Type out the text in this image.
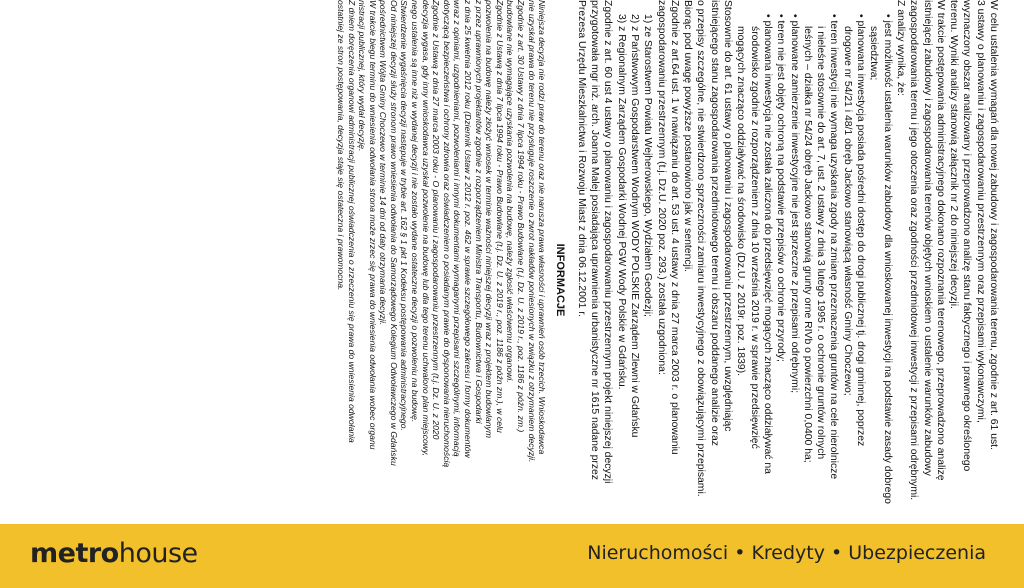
W celu ustalenia wymagań dla nowej zabudowy i zagospodarowania terenu, zgodnie z art. 61 ust.

3 ustawy o planowaniu i zagospodarowaniu przestrzennym oraz przepisami wykonawczymi,

wyznaczony obszar analizowany i przeprowadzono analizę stanu faktycznego i prawnego określonego

terenu. Wyniki analizy stanowią załącznik nr 2 do niniejszej decyzji.

W trakcie postępowania administracyjnego dokonano rozpoznania terenowego, przeprowadzono analizę

istniejącej zabudowy i zagospodarowania terenów objętych wnioskiem o ustalenie warunków zabudowy

zagospodarowania terenu i jego otoczenia oraz zgodności przedmiotowej inwestycji z przepisami odrębnymi.

Z analizy wynika, że:

• jest możliwość ustalenia warunków zabudowy dla wnioskowanej inwestycji na podstawie zasady dobrego

sąsiedztwa;

• planowana inwestycja posiada pośredni dostęp do drogi publicznej tj. drogi gminnej, poprzez

drogowe nr 54/21 i 48/1 obręb Jackowo stanowiącą własność Gminy Choczewo;

• teren inwestycji nie wymaga uzyskania zgody na zmianę przeznaczenia gruntów na cele nierolnicze

i nieleśne stosownie do art. 7, ust. 2 ustawy z dnia 3 lutego 1995 r. o ochronie gruntów rolnych

leśnych – działka nr 54/24 obręb Jackowo stanowią grunty orne RIVb o powierzchni 0,0400 ha;

• planowane zamierzenie inwestycyjne nie jest sprzeczne z przepisami odrębnymi;

• teren nie jest objęty ochroną na podstawie przepisów o ochronie przyrody;

• planowana inwestycja nie została zaliczona do przedsięwzięć mogących znacząco oddziaływać na

środowisko zgodnie z rozporządzeniem z dnia 10 września 2019 r. w sprawie przedsięwzięć

mogących znacząco oddziaływać na środowisko (Dz.U. z 2019r. poz. 1839).

Stosownie do art. 61 ustawy o planowaniu i zagospodarowaniu przestrzennym, uwzględniając

istniejącego stanu zagospodarowania przedmiotowego terenu i obszaru poddanego analizie oraz

o przepisy szczególne, nie stwierdzono sprzeczności zamiaru inwestycyjnego z obowiązującymi przepisami.

Biorąc pod uwagę powyższe postanowiono jak w sentencji.

Zgodnie z art.64 ust. 1 w nawiązaniu do art. 53 ust. 4 ustawy z dnia 27 marca 2003 r. o planowaniu

zagospodarowaniu przestrzennym (t.j. Dz.U. 2020 poz. 293.) została uzgodniona:

1) ze Starostwem Powiatu Wejherowskiego, Wydziałem Geodezji;

2) z Państwowym Gospodarstwem Wodnym WODY POLSKIE Zarządem Zlewni w Gdańsku

3) z Regionalnym Zarządem Gospodarki Wodnej PGW Wody Polskie w Gdańsku.

Zgodnie z art. 60 ust 4 ustawy o planowaniu i zagospodarowaniu przestrzennym projekt niniejszej decyzji

przygotowała mgr inż. arch. Joanna Malej posiadająca uprawnienia urbanistyczne nr 1615 nadane przez

Prezesa Urzędu Mieszkalnictwa i Rozwoju Miast z dnia 06.12.2001 r.

INFORMACJE

Niniejsza decyzja nie rodzi praw do terenu oraz nie narusza prawa własności i uprawnień osób trzecich. Wnioskodawca

nie uzyskał prawa do terenu nie przysługuje roszczenie o zwrot nakładów poniesionych w związku z otrzymaniem decyzji.

Zgodnie z art. 30 Ustawy z dnia 7 lipca 1994 roku - Prawo Budowlane (t.j. Dz. U. z 2019 r., poz. 1186 z późn. zm.)

budowlane nie wymagające uzyskania pozwolenia na budowę, należy zgłosić właściwemu organowi.

Zgodnie z Ustawą z dnia 7 lipca 1994 roku - Prawo Budowlane (t.j. Dz. U. z 2019 r., poz. 1186 z późn zm.), w celu

pozwolenia na budowę należy złożyć wniosek w terminie ważności niniejszej decyzji wraz z projektem budowlanym

z przez uprawnionych projektantów zgodnie z rozporządzeniem Ministra Transportu, Budownictwa i Gospodarki

z dnia 25 kwietnia 2012 roku (Dziennik Ustaw z 2012 r. poz. 462 w sprawie szczegółowego zakresu i formy dokumentów

wraz z opiniami, uzgodnieniami, pozwoleniami i innymi dokumentami wymaganymi przepisami szczególnymi, informacją

dotyczącą bezpieczeństwa i ochrony zdrowia oraz oświadczeniem o posiadanym prawie do dysponowania nieruchomością

Zgodnie z Ustawą z dnia 27 marca 2003 roku - O planowaniu i zagospodarowaniu przestrzennym (t.j. Dz. U. z 2020

decyzja wygasa, gdy inny wnioskodawca uzyskał pozwolenie na budowę lub dla tego terenu uchwalono plan miejscowy,

nego ustalenia są inne niż w wydanej decyzji i nie zostało wydane ostateczne decyzji o pozwoleniu na budowę.

Stwierdzenie wygaśnięcia decyzji następuje w trybie art. 162 § 1 pkt 1 Kodeksu postępowania administracyjnego.

Od niniejszej decyzji służy stronom prawo wniesienia odwołania do Samorządowego Kolegium Odwoławczego w Gdańsku

pośrednictwem Wójta Gminy Choczewo w terminie 14 dni od daty otrzymania decyzji.

W trakcie biegu terminu do wniesienia odwołania strona może zrzec się prawa do wniesienia odwołania wobec organu

nistracji publicznej, który wydał decyzję.

Z dniem doręczenia organowi administracji publicznej oświadczenia o zrzeczeniu się prawa do wniesienia odwołania

ostatniej ze stron postępowania, decyzja staje się ostateczna i prawomocna.

metrohouse	Nieruchomości • Kredyty • Ubezpieczenia
